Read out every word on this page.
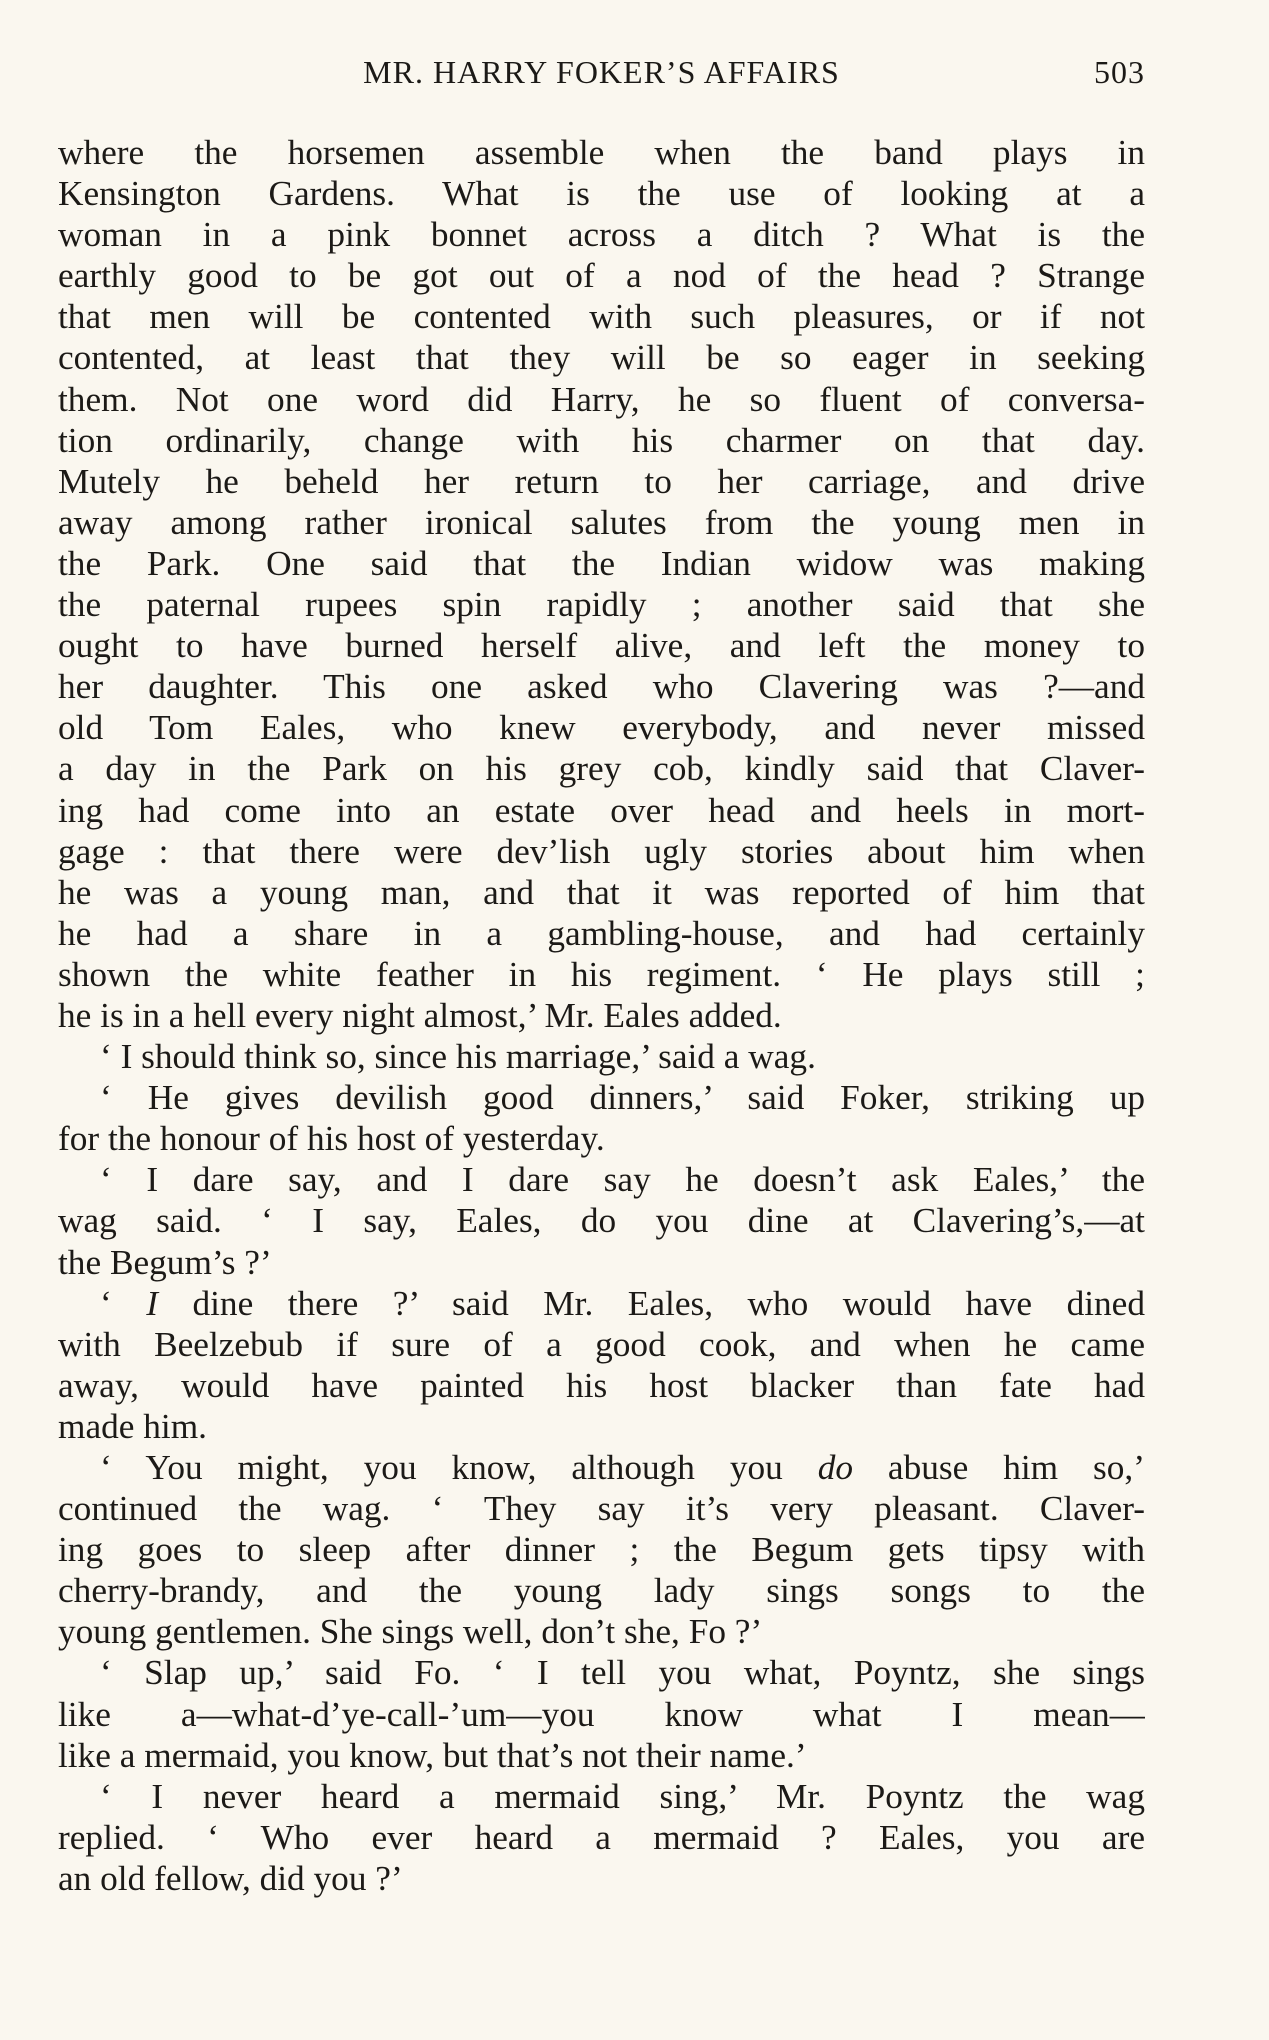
MR. HARRY FOKER’S AFFAIRS	503
where the horsemen assemble when the band plays in
Kensington Gardens. What is the use of looking at a
woman in a pink bonnet across a ditch ? What is the
earthly good to be got out of a nod of the head ? Strange
that men will be contented with such pleasures, or if not
contented, at least that they will be so eager in seeking
them. Not one word did Harry, he so fluent of conversa-
tion ordinarily, change with his charmer on that day.
Mutely he beheld her return to her carriage, and drive
away among rather ironical salutes from the young men in
the Park. One said that the Indian widow was making
the paternal rupees spin rapidly ; another said that she
ought to have burned herself alive, and left the money to
her daughter. This one asked who Clavering was ?—and
old Tom Eales, who knew everybody, and never missed
a day in the Park on his grey cob, kindly said that Claver-
ing had come into an estate over head and heels in mort-
gage : that there were dev’lish ugly stories about him when
he was a young man, and that it was reported of him that
he had a share in a gambling-house, and had certainly
shown the white feather in his regiment. ‘ He plays still ;
he is in a hell every night almost,’ Mr. Eales added.
‘ I should think so, since his marriage,’ said a wag.
‘ He gives devilish good dinners,’ said Foker, striking up
for the honour of his host of yesterday.
‘ I dare say, and I dare say he doesn’t ask Eales,’ the
wag said. ‘ I say, Eales, do you dine at Clavering’s,—at
the Begum’s ?’
‘ I dine there ?’ said Mr. Eales, who would have dined
with Beelzebub if sure of a good cook, and when he came
away, would have painted his host blacker than fate had
made him.
‘ You might, you know, although you do abuse him so,’
continued the wag. ‘ They say it’s very pleasant. Claver-
ing goes to sleep after dinner ; the Begum gets tipsy with
cherry-brandy, and the young lady sings songs to the
young gentlemen. She sings well, don’t she, Fo ?’
‘ Slap up,’ said Fo. ‘ I tell you what, Poyntz, she sings
like a—what-d’ye-call-’um—you know what I mean—
like a mermaid, you know, but that’s not their name.’
‘ I never heard a mermaid sing,’ Mr. Poyntz the wag
replied. ‘ Who ever heard a mermaid ? Eales, you are
an old fellow, did you ?’
